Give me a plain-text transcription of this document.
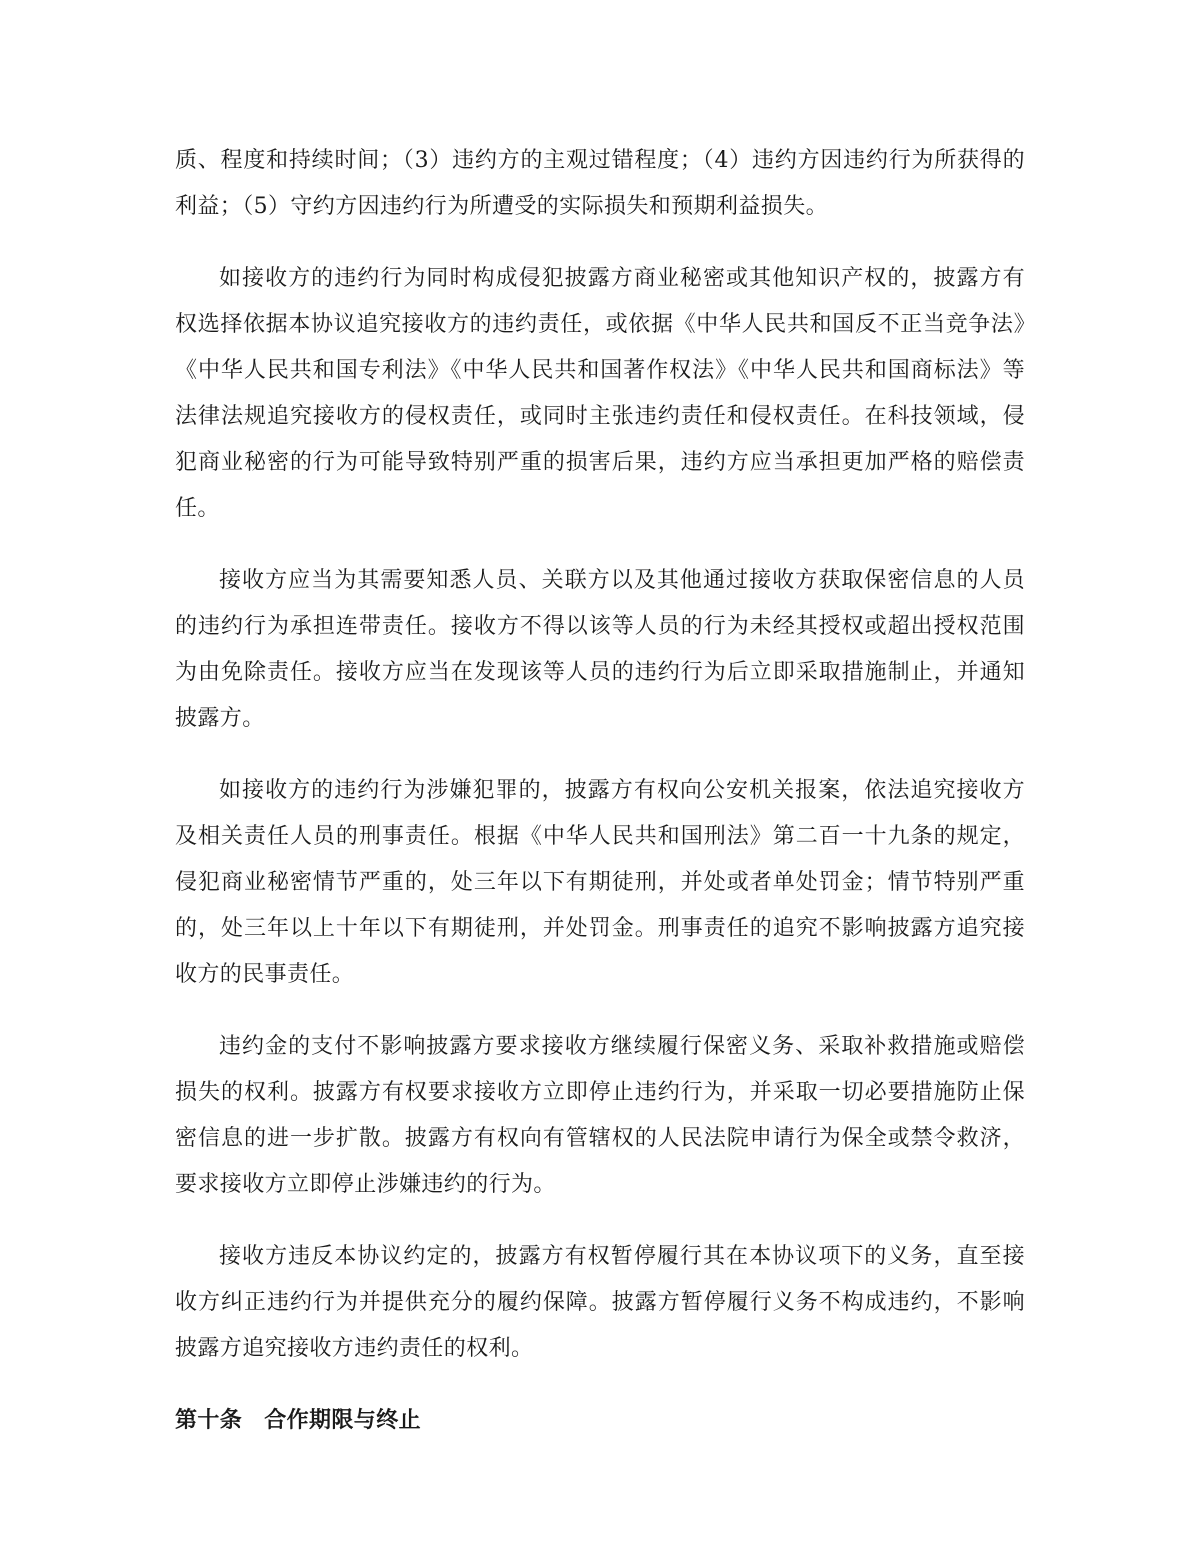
质、程度和持续时间；（3）违约方的主观过错程度；（4）违约方因违约行为所获得的利益；（5）守约方因违约行为所遭受的实际损失和预期利益损失。

如接收方的违约行为同时构成侵犯披露方商业秘密或其他知识产权的，披露方有权选择依据本协议追究接收方的违约责任，或依据《中华人民共和国反不正当竞争法》《中华人民共和国专利法》《中华人民共和国著作权法》《中华人民共和国商标法》等法律法规追究接收方的侵权责任，或同时主张违约责任和侵权责任。在科技领域，侵犯商业秘密的行为可能导致特别严重的损害后果，违约方应当承担更加严格的赔偿责任。

接收方应当为其需要知悉人员、关联方以及其他通过接收方获取保密信息的人员的违约行为承担连带责任。接收方不得以该等人员的行为未经其授权或超出授权范围为由免除责任。接收方应当在发现该等人员的违约行为后立即采取措施制止，并通知披露方。

如接收方的违约行为涉嫌犯罪的，披露方有权向公安机关报案，依法追究接收方及相关责任人员的刑事责任。根据《中华人民共和国刑法》第二百一十九条的规定，侵犯商业秘密情节严重的，处三年以下有期徒刑，并处或者单处罚金；情节特别严重的，处三年以上十年以下有期徒刑，并处罚金。刑事责任的追究不影响披露方追究接收方的民事责任。

违约金的支付不影响披露方要求接收方继续履行保密义务、采取补救措施或赔偿损失的权利。披露方有权要求接收方立即停止违约行为，并采取一切必要措施防止保密信息的进一步扩散。披露方有权向有管辖权的人民法院申请行为保全或禁令救济，要求接收方立即停止涉嫌违约的行为。

接收方违反本协议约定的，披露方有权暂停履行其在本协议项下的义务，直至接收方纠正违约行为并提供充分的履约保障。披露方暂停履行义务不构成违约，不影响披露方追究接收方违约责任的权利。

第十条 合作期限与终止
